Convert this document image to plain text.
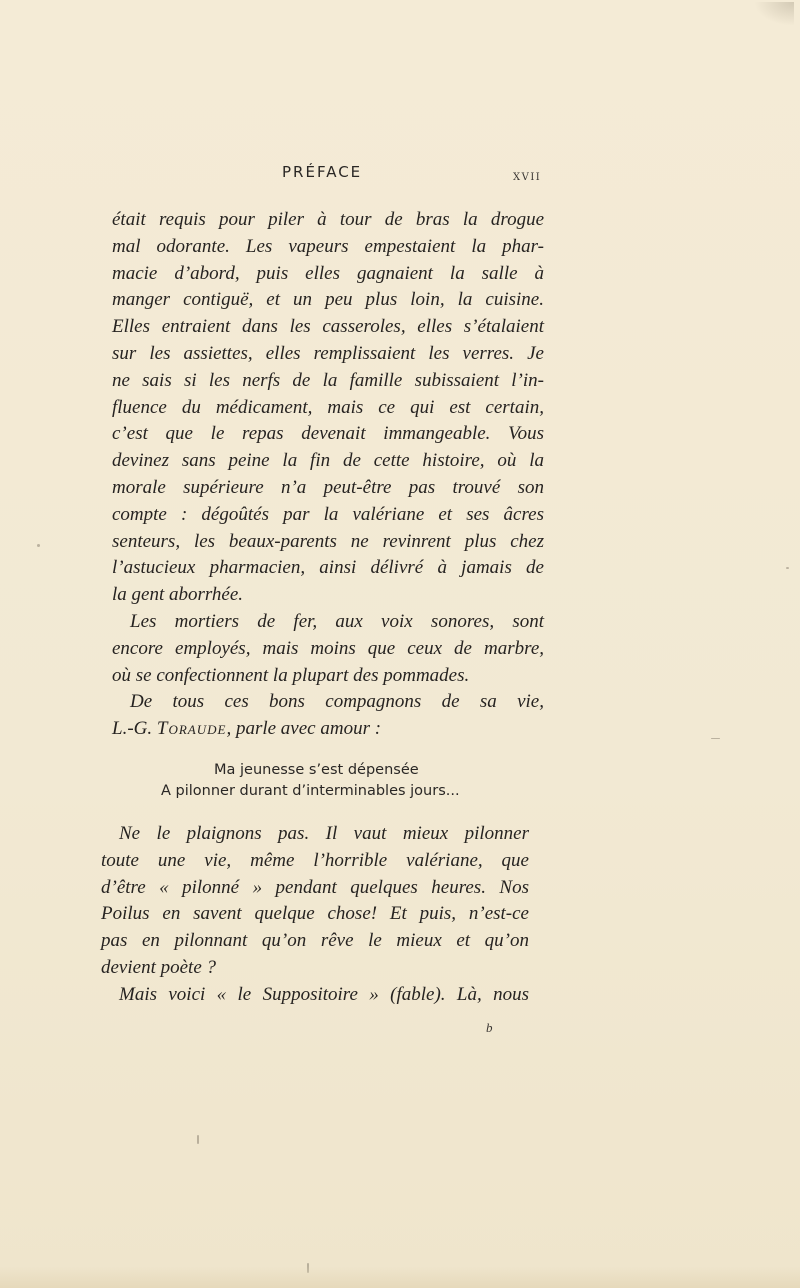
PRÉFACE	XVII
était requis pour piler à tour de bras la drogue
mal odorante. Les vapeurs empestaient la phar-
macie d’abord, puis elles gagnaient la salle à
manger contiguë, et un peu plus loin, la cuisine.
Elles entraient dans les casseroles, elles s’étalaient
sur les assiettes, elles remplissaient les verres. Je
ne sais si les nerfs de la famille subissaient l’in-
fluence du médicament, mais ce qui est certain,
c’est que le repas devenait immangeable. Vous
devinez sans peine la fin de cette histoire, où la
morale supérieure n’a peut-être pas trouvé son
compte : dégoûtés par la valériane et ses âcres
senteurs, les beaux-parents ne revinrent plus chez
l’astucieux pharmacien, ainsi délivré à jamais de
la gent aborrhée.
Les mortiers de fer, aux voix sonores, sont
encore employés, mais moins que ceux de marbre,
où se confectionnent la plupart des pommades.
De tous ces bons compagnons de sa vie,
L.-G. Toraude, parle avec amour :
Ma jeunesse s’est dépensée
A pilonner durant d’interminables jours...
Ne le plaignons pas. Il vaut mieux pilonner
toute une vie, même l’horrible valériane, que
d’être « pilonné » pendant quelques heures. Nos
Poilus en savent quelque chose! Et puis, n’est-ce
pas en pilonnant qu’on rêve le mieux et qu’on
devient poète ?
Mais voici « le Suppositoire » (fable). Là, nous
b
